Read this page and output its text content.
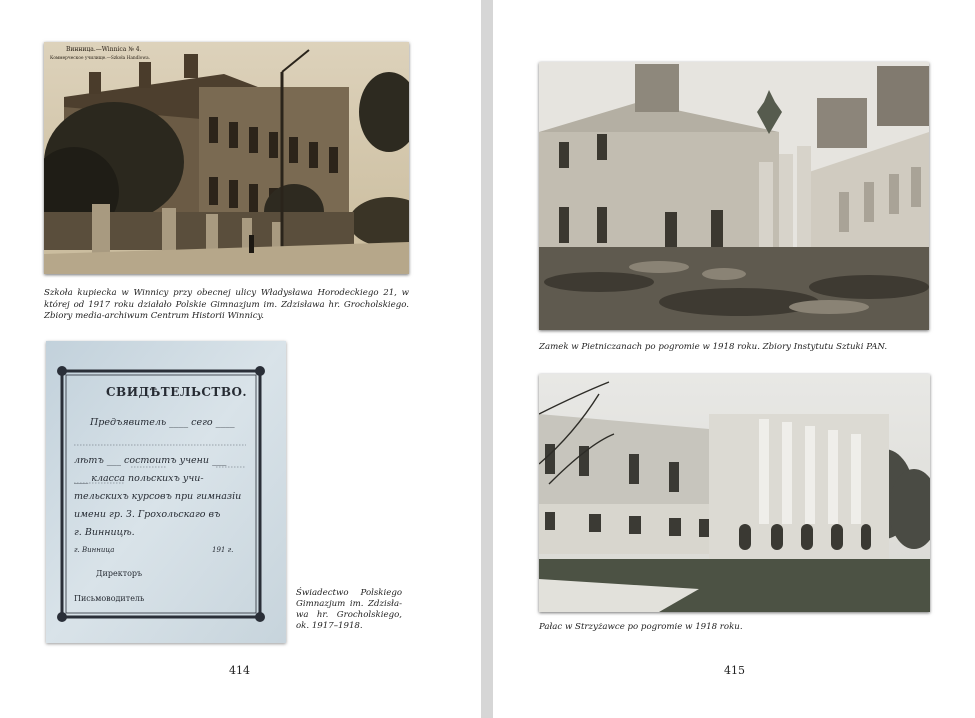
Винница.—Winnica № 4.
Коммерческое училище.—Szkoła Handlowa.

Szkoła kupiecka w Winnicy przy obecnej ulicy Władysława Horodeckiego 21, w której od 1917 roku działało Polskie Gimnazjum im. Zdzisława hr. Grocholskiego. Zbiory media-archiwum Centrum Historii Winnicy.

СВИДѢТЕЛЬСТВО.
Предъявитель ____ сего ____
лѣтъ ___ состоитъ учени ___
___ класса польскихъ учи-
тельскихъ курсовъ при гимназіи
имени гр. З. Грохольскаго въ
г. Винницѣ.
г. Винница	191 г.
Директоръ
Письмоводитель

Świadectwo Polskiego Gimnazjum im. Zdzisła-wa hr. Grocholskiego, ok. 1917–1918.

414

Zamek w Pietniczanach po pogromie w 1918 roku. Zbiory Instytutu Sztuki PAN.

Pałac w Strzyżawce po pogromie w 1918 roku.

415
